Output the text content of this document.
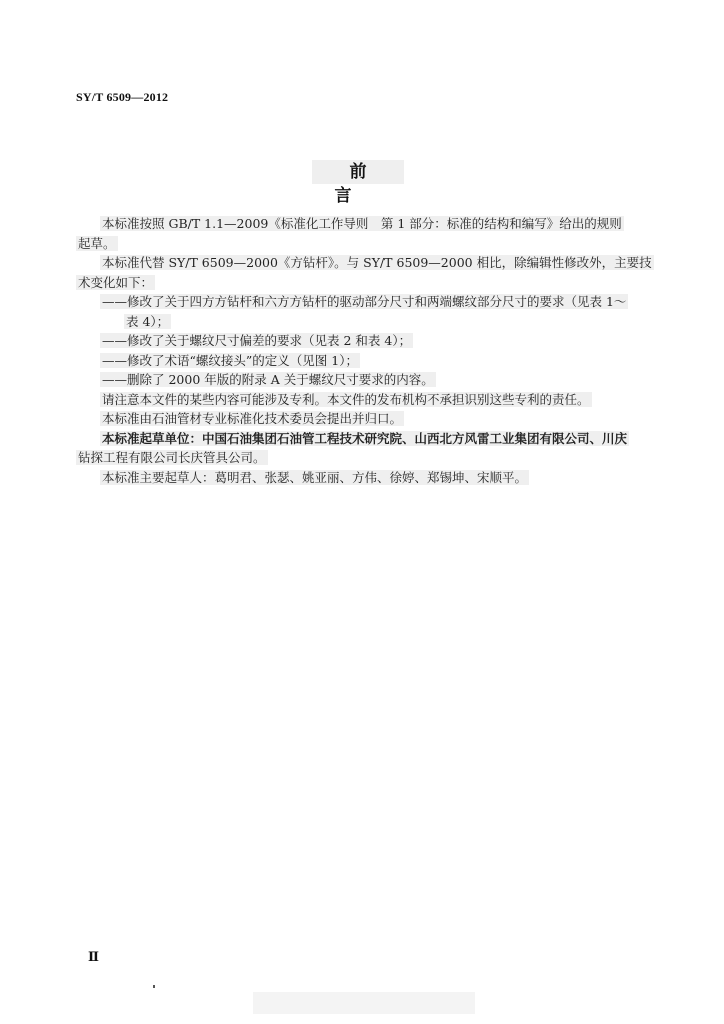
SY/T 6509—2012
前 言
本标准按照 GB/T 1.1—2009《标准化工作导则　第 1 部分：标准的结构和编写》给出的规则
起草。
本标准代替 SY/T 6509—2000《方钻杆》。与 SY/T 6509—2000 相比，除编辑性修改外，主要技
术变化如下：
——修改了关于四方方钻杆和六方方钻杆的驱动部分尺寸和两端螺纹部分尺寸的要求（见表 1～
表 4）；
——修改了关于螺纹尺寸偏差的要求（见表 2 和表 4）；
——修改了术语“螺纹接头”的定义（见图 1）；
——删除了 2000 年版的附录 A 关于螺纹尺寸要求的内容。
请注意本文件的某些内容可能涉及专利。本文件的发布机构不承担识别这些专利的责任。
本标准由石油管材专业标准化技术委员会提出并归口。
本标准起草单位：中国石油集团石油管工程技术研究院、山西北方风雷工业集团有限公司、川庆
钻探工程有限公司长庆管具公司。
本标准主要起草人：葛明君、张瑟、姚亚丽、方伟、徐婷、郑锡坤、宋顺平。
Ⅱ
